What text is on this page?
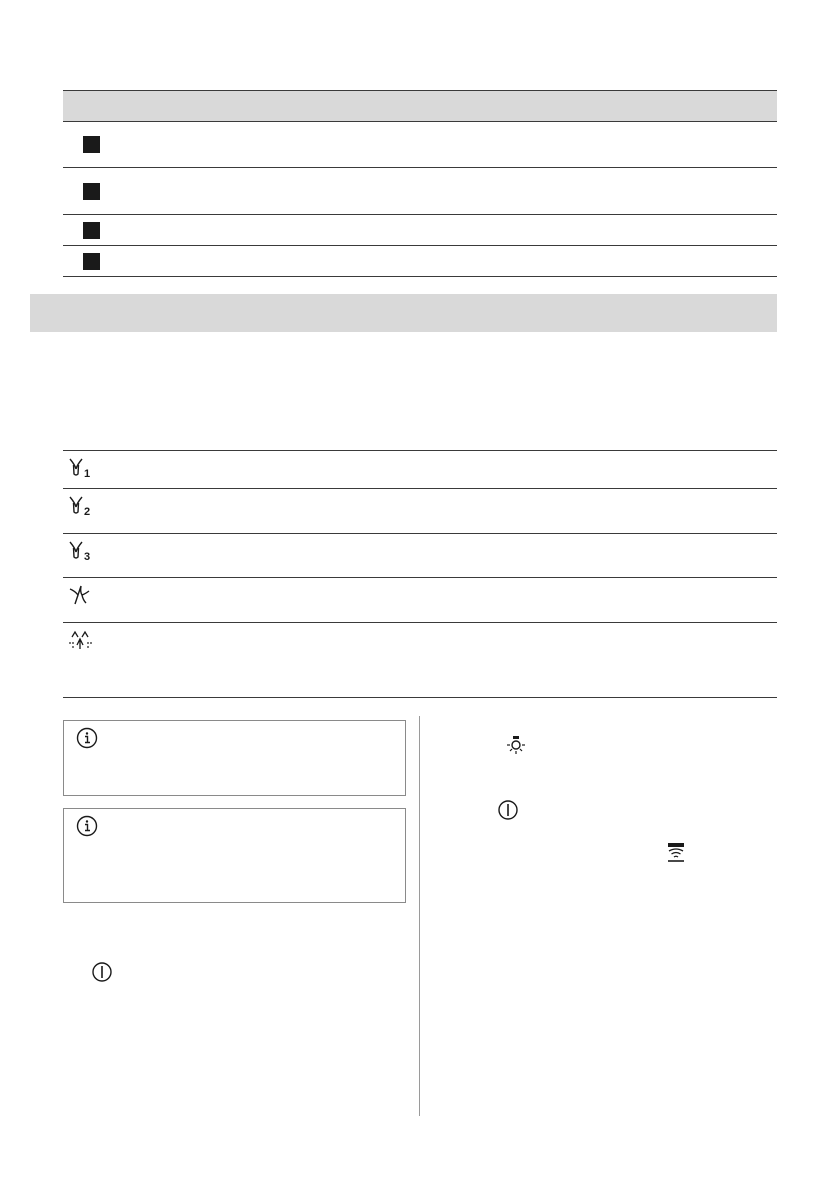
1
2
3
